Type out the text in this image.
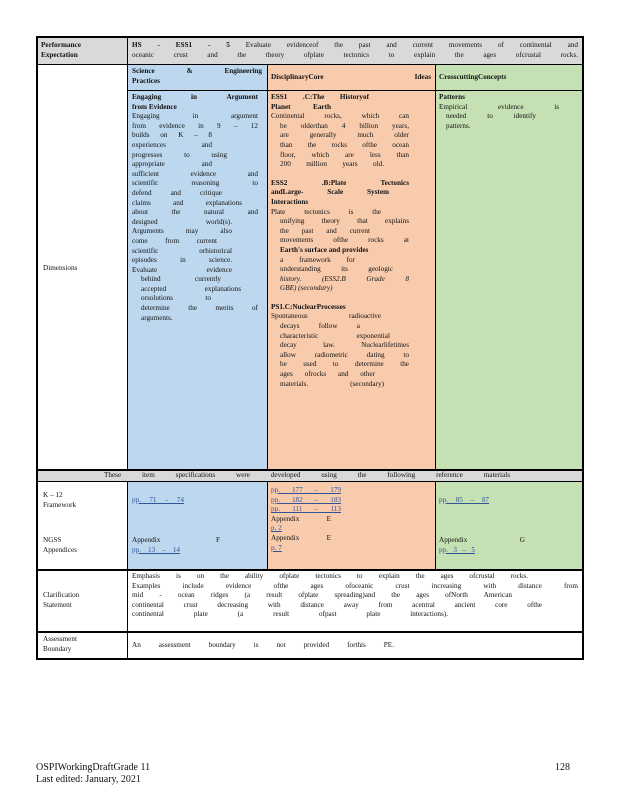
Performance
Expectation
HS - ESS1 - 5 Evaluate evidenceof the past and current movements of continental and
oceanic crust and the theory ofplate tectonics to explain the ages ofcrustal rocks.
Science & Engineering
Practices	DisciplinaryCore Ideas CrosscuttingConcepts
Dimensions
Engaging in Argument
from Evidence
Engaging in argument
from evidence in 9 – 12
builds on K – 8
experiences and
progresses to using
appropriate and
sufficient evidence and
scientific reasoning to
defend and critique
claims and explanations
about the natural and
designed world(s).
Arguments may also
come from current
scientific orhistorical
episodes in science.
Evaluate evidence
behind currently
accepted explanations
orsolutions to
determine the merits of
arguments.
ESS1 .C:The Historyof
Planet Earth
Continental rocks, which can
be olderthan 4 billion years,
are generally much older
than the rocks ofthe ocean
floor, which are less than
200 million years old.
ESS2 .B:Plate Tectonics
andLarge- Scale System
Interactions
Plate tectonics is the
unifying theory that explains
the past and current
movements ofthe rocks at
Earth's surface and provides
a framework for
understanding its geologic
history. (ESS2.B Grade 8
GBE) (secondary)
PS1.C:NuclearProcesses
Spontaneous radioactive
decays follow a
characteristic exponential
decay law. Nuclearlifetimes
allow radiometric dating to
be used to determine the
ages ofrocks and other
materials. (secondary)
Patterns
Empirical evidence is
needed to identify
patterns.
These item specifications were developed using the following reference materials
K – 12
Framework
NGSS
Appendices
pp. 71 – 74
Appendix F
pp. 13 – 14
pp. 177 – 179
pp. 182 – 183
pp. 111 – 113
Appendix E
p. 2
Appendix E
p. 7
pp. 85 – 87
Appendix G
pp. 3 – 5
Clarification
Statement
Emphasis is on the ability ofplate tectonics to explain the ages ofcrustal rocks.
Examples include evidence ofthe ages ofoceanic crust increasing with distance from
mid - ocean ridges (a result ofplate spreading)and the ages ofNorth American
continental crust decreasing with distance away from acentral ancient core ofthe
continental plate (a result ofpast plate interactions).
Assessment
Boundary	An assessment boundary is not provided forthis PE.
OSPIWorkingDraftGrade 11
Last edited: January, 2021
128
